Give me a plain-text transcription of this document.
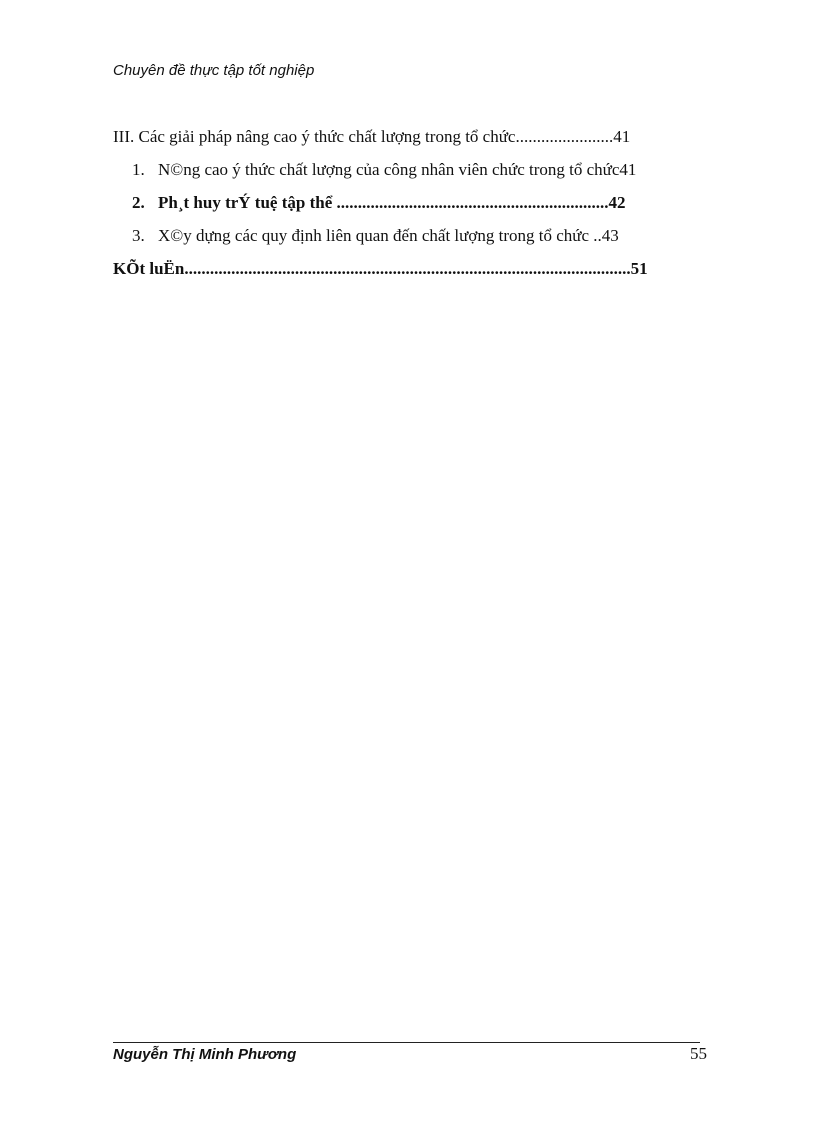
Chuyên đề thực tập tốt nghiệp
III. Các giải pháp nâng cao ý thức chất lượng trong tổ chức.......................41
1. N©ng cao ý thức chất lượng của công nhân viên chức trong tổ chức41
2. Ph¸t huy trÝ tuệ tập thể ................................................................42
3. X©y dựng các quy định liên quan đến chất lượng trong tổ chức ..43
KÕt luËn.........................................................................................................51
Nguyễn Thị Minh Phương	55
